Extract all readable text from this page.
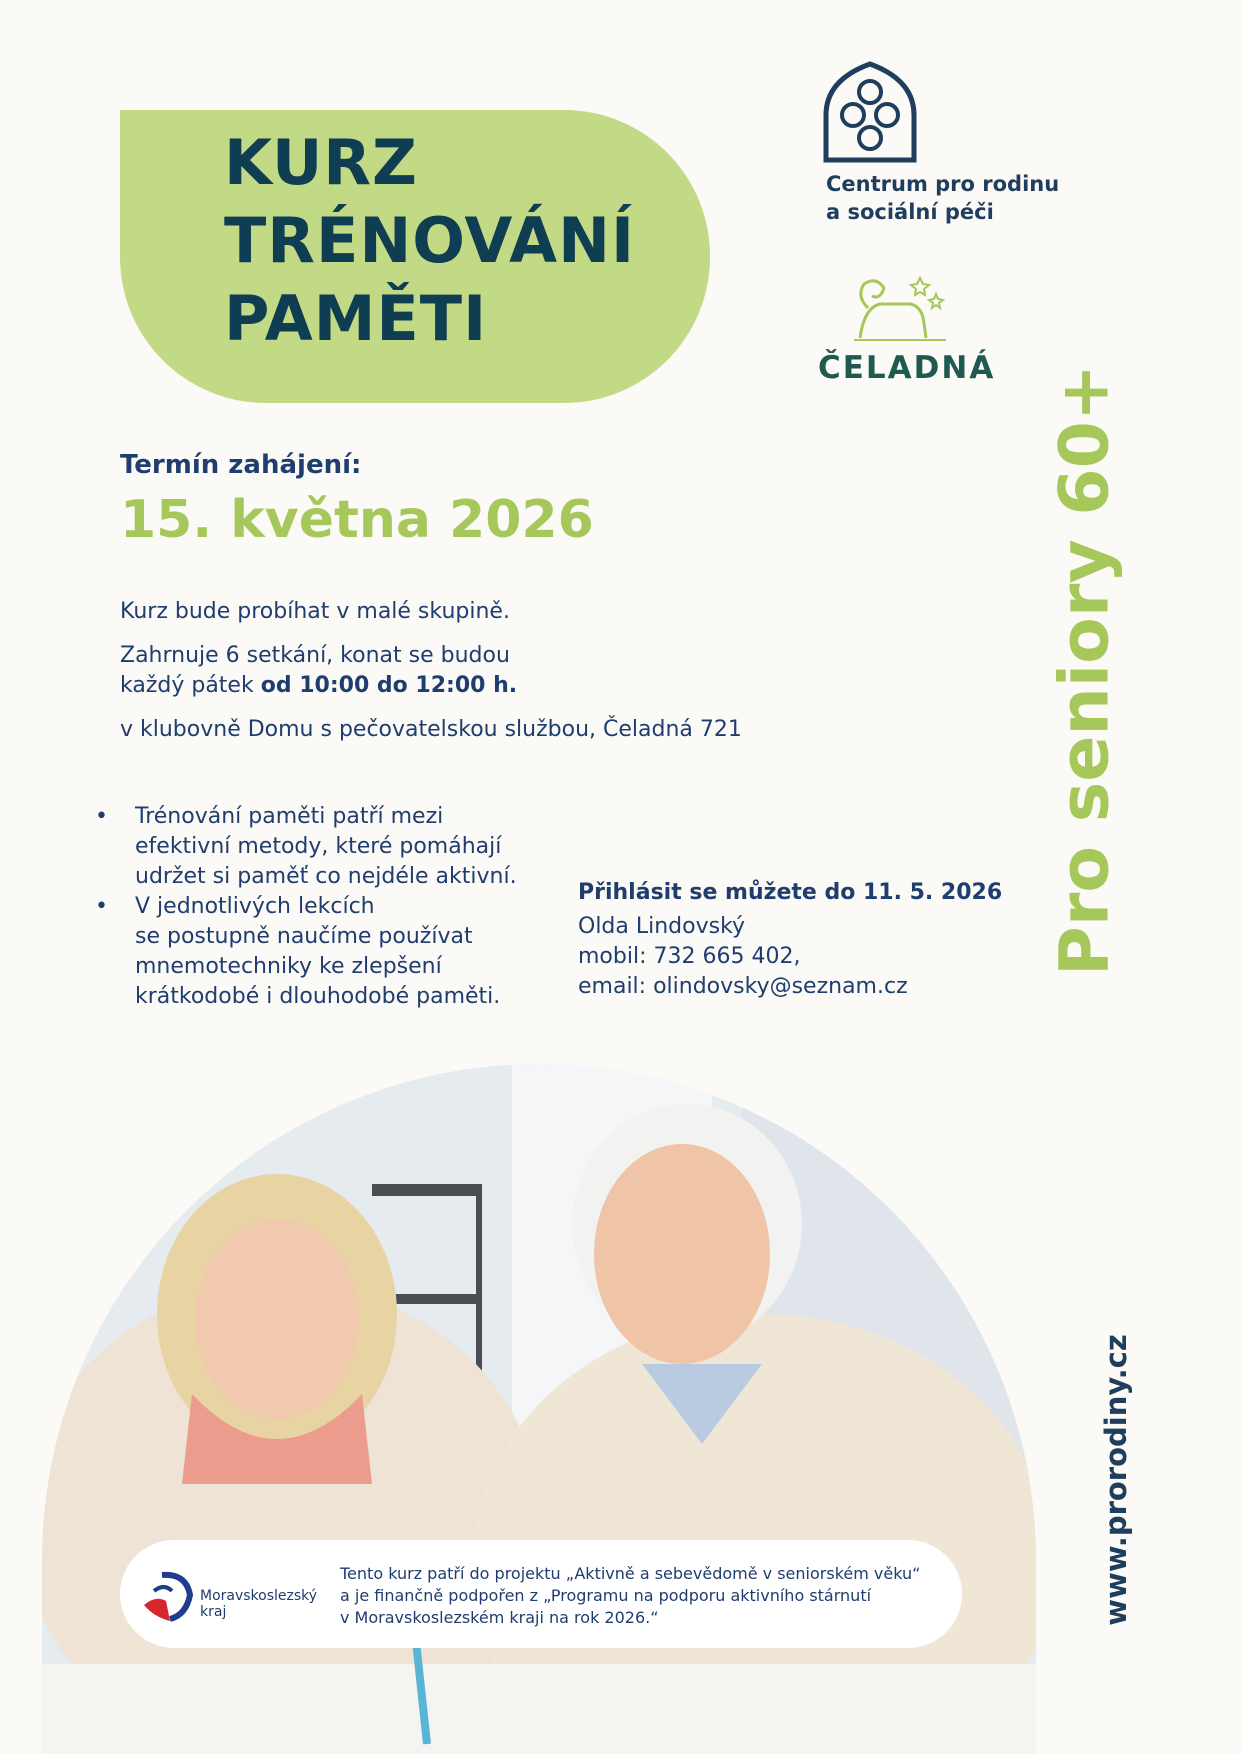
KURZ
TRÉNOVÁNÍ
PAMĚTI
Centrum pro rodinu
a sociální péči
ČELADNÁ
Termín zahájení:
15. května 2026
Kurz bude probíhat v malé skupině.
Zahrnuje 6 setkání, konat se budou
každý pátek od 10:00 do 12:00 h.
v klubovně Domu s pečovatelskou službou, Čeladná 721
• Trénování paměti patří mezi
efektivní metody, které pomáhají
udržet si paměť co nejdéle aktivní.
• V jednotlivých lekcích
se postupně naučíme používat
mnemotechniky ke zlepšení
krátkodobé i dlouhodobé paměti.
Přihlásit se můžete do 11. 5. 2026
Olda Lindovský
mobil: 732 665 402,
email: olindovsky@seznam.cz
Pro seniory 60+
www.prorodiny.cz
Moravskoslezský
kraj
Tento kurz patří do projektu „Aktivně a sebevědomě v seniorském věku“
a je finančně podpořen z „Programu na podporu aktivního stárnutí
v Moravskoslezském kraji na rok 2026.“
